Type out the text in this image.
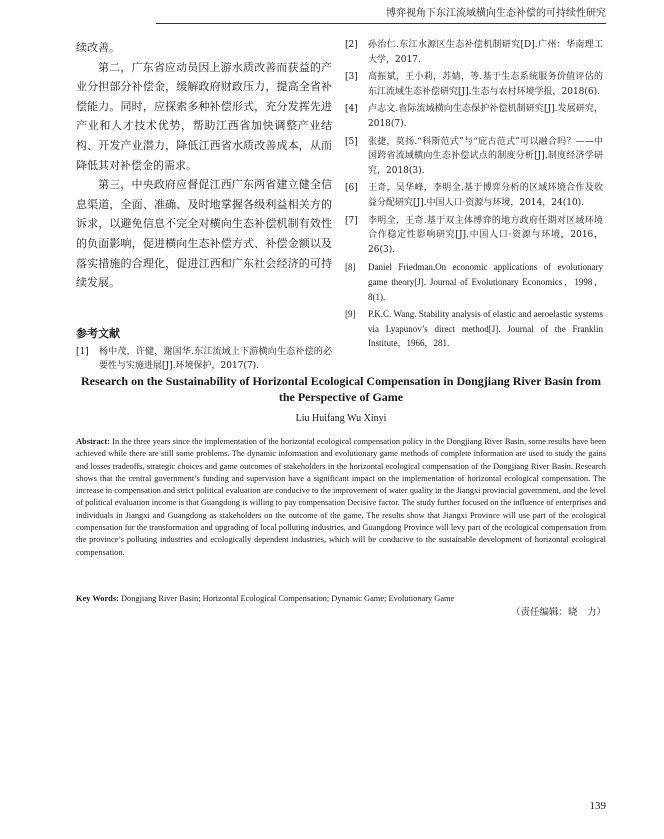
博弈视角下东江流域横向生态补偿的可持续性研究

续改善。

第二，广东省应动员因上游水质改善而获益的产业分担部分补偿金，缓解政府财政压力，提高全省补偿能力。同时，应探索多种补偿形式，充分发挥先进产业和人才技术优势，帮助江西省加快调整产业结构、开发产业潜力，降低江西省水质改善成本，从而降低其对补偿金的需求。

第三，中央政府应督促江西广东两省建立健全信息渠道，全面、准确、及时地掌握各级利益相关方的诉求，以避免信息不完全对横向生态补偿机制有效性的负面影响，促进横向生态补偿方式、补偿金额以及落实措施的合理化，促进江西和广东社会经济的可持续发展。

参考文献
[1] 杨中茂，许健，谢国华.东江流域上下游横向生态补偿的必要性与实施进展[J].环境保护，2017(7).
[2] 孙治仁.东江水源区生态补偿机制研究[D].广州：华南理工大学，2017.
[3] 高振斌，王小莉，苏婧，等.基于生态系统服务价值评估的东江流域生态补偿研究[J].生态与农村环境学报，2018(6).
[4] 卢志文.省际流域横向生态保护补偿机制研究[J].发展研究，2018(7).
[5] 张捷，莫扬.“科斯范式”与“庇古范式”可以融合吗？——中国跨省流域横向生态补偿试点的制度分析[J].制度经济学研究，2018(3).
[6] 王奇，吴华峰，李明全.基于博弈分析的区域环境合作及收益分配研究[J].中国人口·资源与环境，2014，24(10).
[7] 李明全，王奇.基于双主体博弈的地方政府任期对区域环境合作稳定性影响研究[J].中国人口·资源与环境，2016，26(3).
[8] Daniel Friedman.On economic applications of evolutionary game theory[J]. Journal of Evolutionary Economics，1998，8(1).
[9] P.K.C. Wang. Stability analysis of elastic and aeroelastic systems via Lyapunov’s direct method[J]. Journal of the Franklin Institute，1966，281.
Research on the Sustainability of Horizontal Ecological Compensation in Dongjiang River Basin from the Perspective of Game
Liu Huifang Wu Xinyi

Abstract: In the three years since the implementation of the horizontal ecological compensation policy in the Dongjiang River Basin, some results have been achieved while there are still some problems. The dynamic information and evolutionary game methods of complete information are used to study the gains and losses tradeoffs, strategic choices and game outcomes of stakeholders in the horizontal ecological compensation of the Dongjiang River Basin. Research shows that the central government’s funding and supervision have a significant impact on the implementation of horizontal ecological compensation. The increase in compensation and strict political evaluation are conducive to the improvement of water quality in the Jiangxi provincial government, and the level of political evaluation income is that Guangdong is willing to pay compensation Decisive factor. The study further focused on the influence of enterprises and individuals in Jiangxi and Guangdong as stakeholders on the outcome of the game. The results show that Jiangxi Province will use part of the ecological compensation for the transformation and upgrading of local polluting industries, and Guangdong Province will levy part of the ecological compensation from the province’s polluting industries and ecologically dependent industries, which will be conducive to the sustainable development of horizontal ecological compensation.

Key Words: Dongjiang River Basin; Horizontal Ecological Compensation; Dynamic Game; Evolutionary Game

（责任编辑：晓　力）
139
